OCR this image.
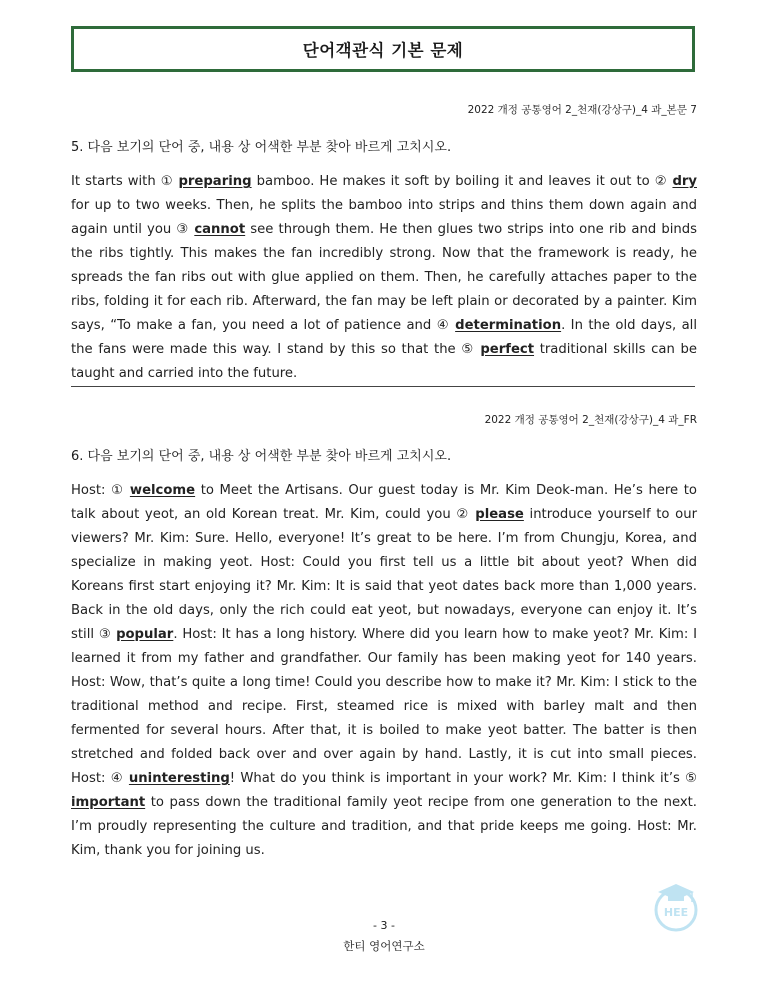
단어객관식 기본 문제
2022 개정 공통영어 2_천재(강상구)_4 과_본문 7
5. 다음 보기의 단어 중, 내용 상 어색한 부분 찾아 바르게 고치시오.
It starts with ① preparing bamboo. He makes it soft by boiling it and leaves it out to ② dry for up to two weeks. Then, he splits the bamboo into strips and thins them down again and again until you ③ cannot see through them. He then glues two strips into one rib and binds the ribs tightly. This makes the fan incredibly strong. Now that the framework is ready, he spreads the fan ribs out with glue applied on them. Then, he carefully attaches paper to the ribs, folding it for each rib. Afterward, the fan may be left plain or decorated by a painter. Kim says, “To make a fan, you need a lot of patience and ④ determination. In the old days, all the fans were made this way. I stand by this so that the ⑤ perfect traditional skills can be taught and carried into the future.
2022 개정 공통영어 2_천재(강상구)_4 과_FR
6. 다음 보기의 단어 중, 내용 상 어색한 부분 찾아 바르게 고치시오.
Host: ① welcome to Meet the Artisans. Our guest today is Mr. Kim Deok-man. He’s here to talk about yeot, an old Korean treat. Mr. Kim, could you ② please introduce yourself to our viewers? Mr. Kim: Sure. Hello, everyone! It’s great to be here. I’m from Chungju, Korea, and specialize in making yeot. Host: Could you first tell us a little bit about yeot? When did Koreans first start enjoying it? Mr. Kim: It is said that yeot dates back more than 1,000 years. Back in the old days, only the rich could eat yeot, but nowadays, everyone can enjoy it. It’s still ③ popular. Host: It has a long history. Where did you learn how to make yeot? Mr. Kim: I learned it from my father and grandfather. Our family has been making yeot for 140 years. Host: Wow, that’s quite a long time! Could you describe how to make it? Mr. Kim: I stick to the traditional method and recipe. First, steamed rice is mixed with barley malt and then fermented for several hours. After that, it is boiled to make yeot batter. The batter is then stretched and folded back over and over again by hand. Lastly, it is cut into small pieces. Host: ④ uninteresting! What do you think is important in your work? Mr. Kim: I think it’s ⑤ important to pass down the traditional family yeot recipe from one generation to the next. I’m proudly representing the culture and tradition, and that pride keeps me going. Host: Mr. Kim, thank you for joining us.
- 3 -
한티 영어연구소
HEE
